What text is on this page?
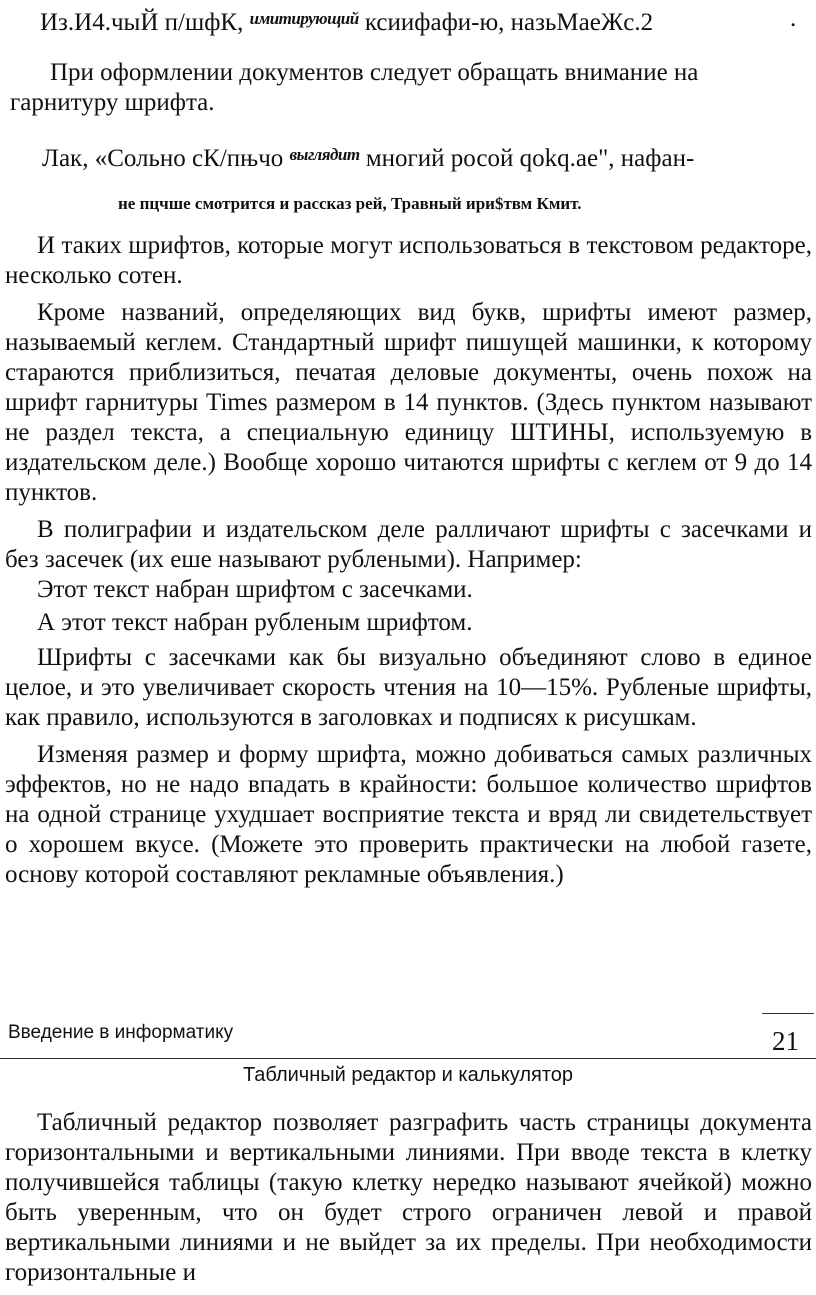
Из.И4.чыЙ п/шфК, $^{имитирующий}$ ксиифафи-ю, назьМаеЖс.2	.
При оформлении документов следует обращать внимание на
гарнитуру шрифта.
Лак, «Сольно сК/пњчо $^{выглядит}$ многий росой qokq.ae", нафан-
не пцчше смотрится и рассказ рей, Травный ири$твм Кмит.

И таких шрифтов, которые могут использоваться в текстовом редакторе, несколько сотен.

Кроме названий, определяющих вид букв, шрифты имеют размер, называемый кеглем. Стандартный шрифт пишущей машинки, к которому стараются приблизиться, печатая деловые документы, очень похож на шрифт гарнитуры Times размером в 14 пунктов. (Здесь пунктом называют не раздел текста, а специальную единицу ШТИНЫ, используемую в издательском деле.) Вообще хорошо читаются шрифты с кеглем от 9 до 14 пунктов.

В полиграфии и издательском деле ралличают шрифты с засечками и без засечек (их еше называют рублеными). Например:

Этот текст набран шрифтом с засечками.

А этот текст набран рубленым шрифтом.

Шрифты с засечками как бы визуально объединяют слово в единое целое, и это увеличивает скорость чтения на 10—15%. Рубленые шрифты, как правило, используются в заголовках и подписях к рисушкам.

Изменяя размер и форму шрифта, можно добиваться самых различных эффектов, но не надо впадать в крайности: большое количество шрифтов на одной странице ухудшает восприятие текста и вряд ли свидетельствует о хорошем вкусе. (Можете это проверить практически на любой газете, основу которой составляют рекламные объявления.)

Введение в информатику	21
Табличный редактор и калькулятор

Табличный редактор позволяет разграфить часть страницы документа горизонтальными и вертикальными линиями. При вводе текста в клетку получившейся таблицы (такую клетку нередко называют ячейкой) можно быть уверенным, что он будет строго ограничен левой и правой вертикальными линиями и не выйдет за их пределы. При необходимости горизонтальные и
